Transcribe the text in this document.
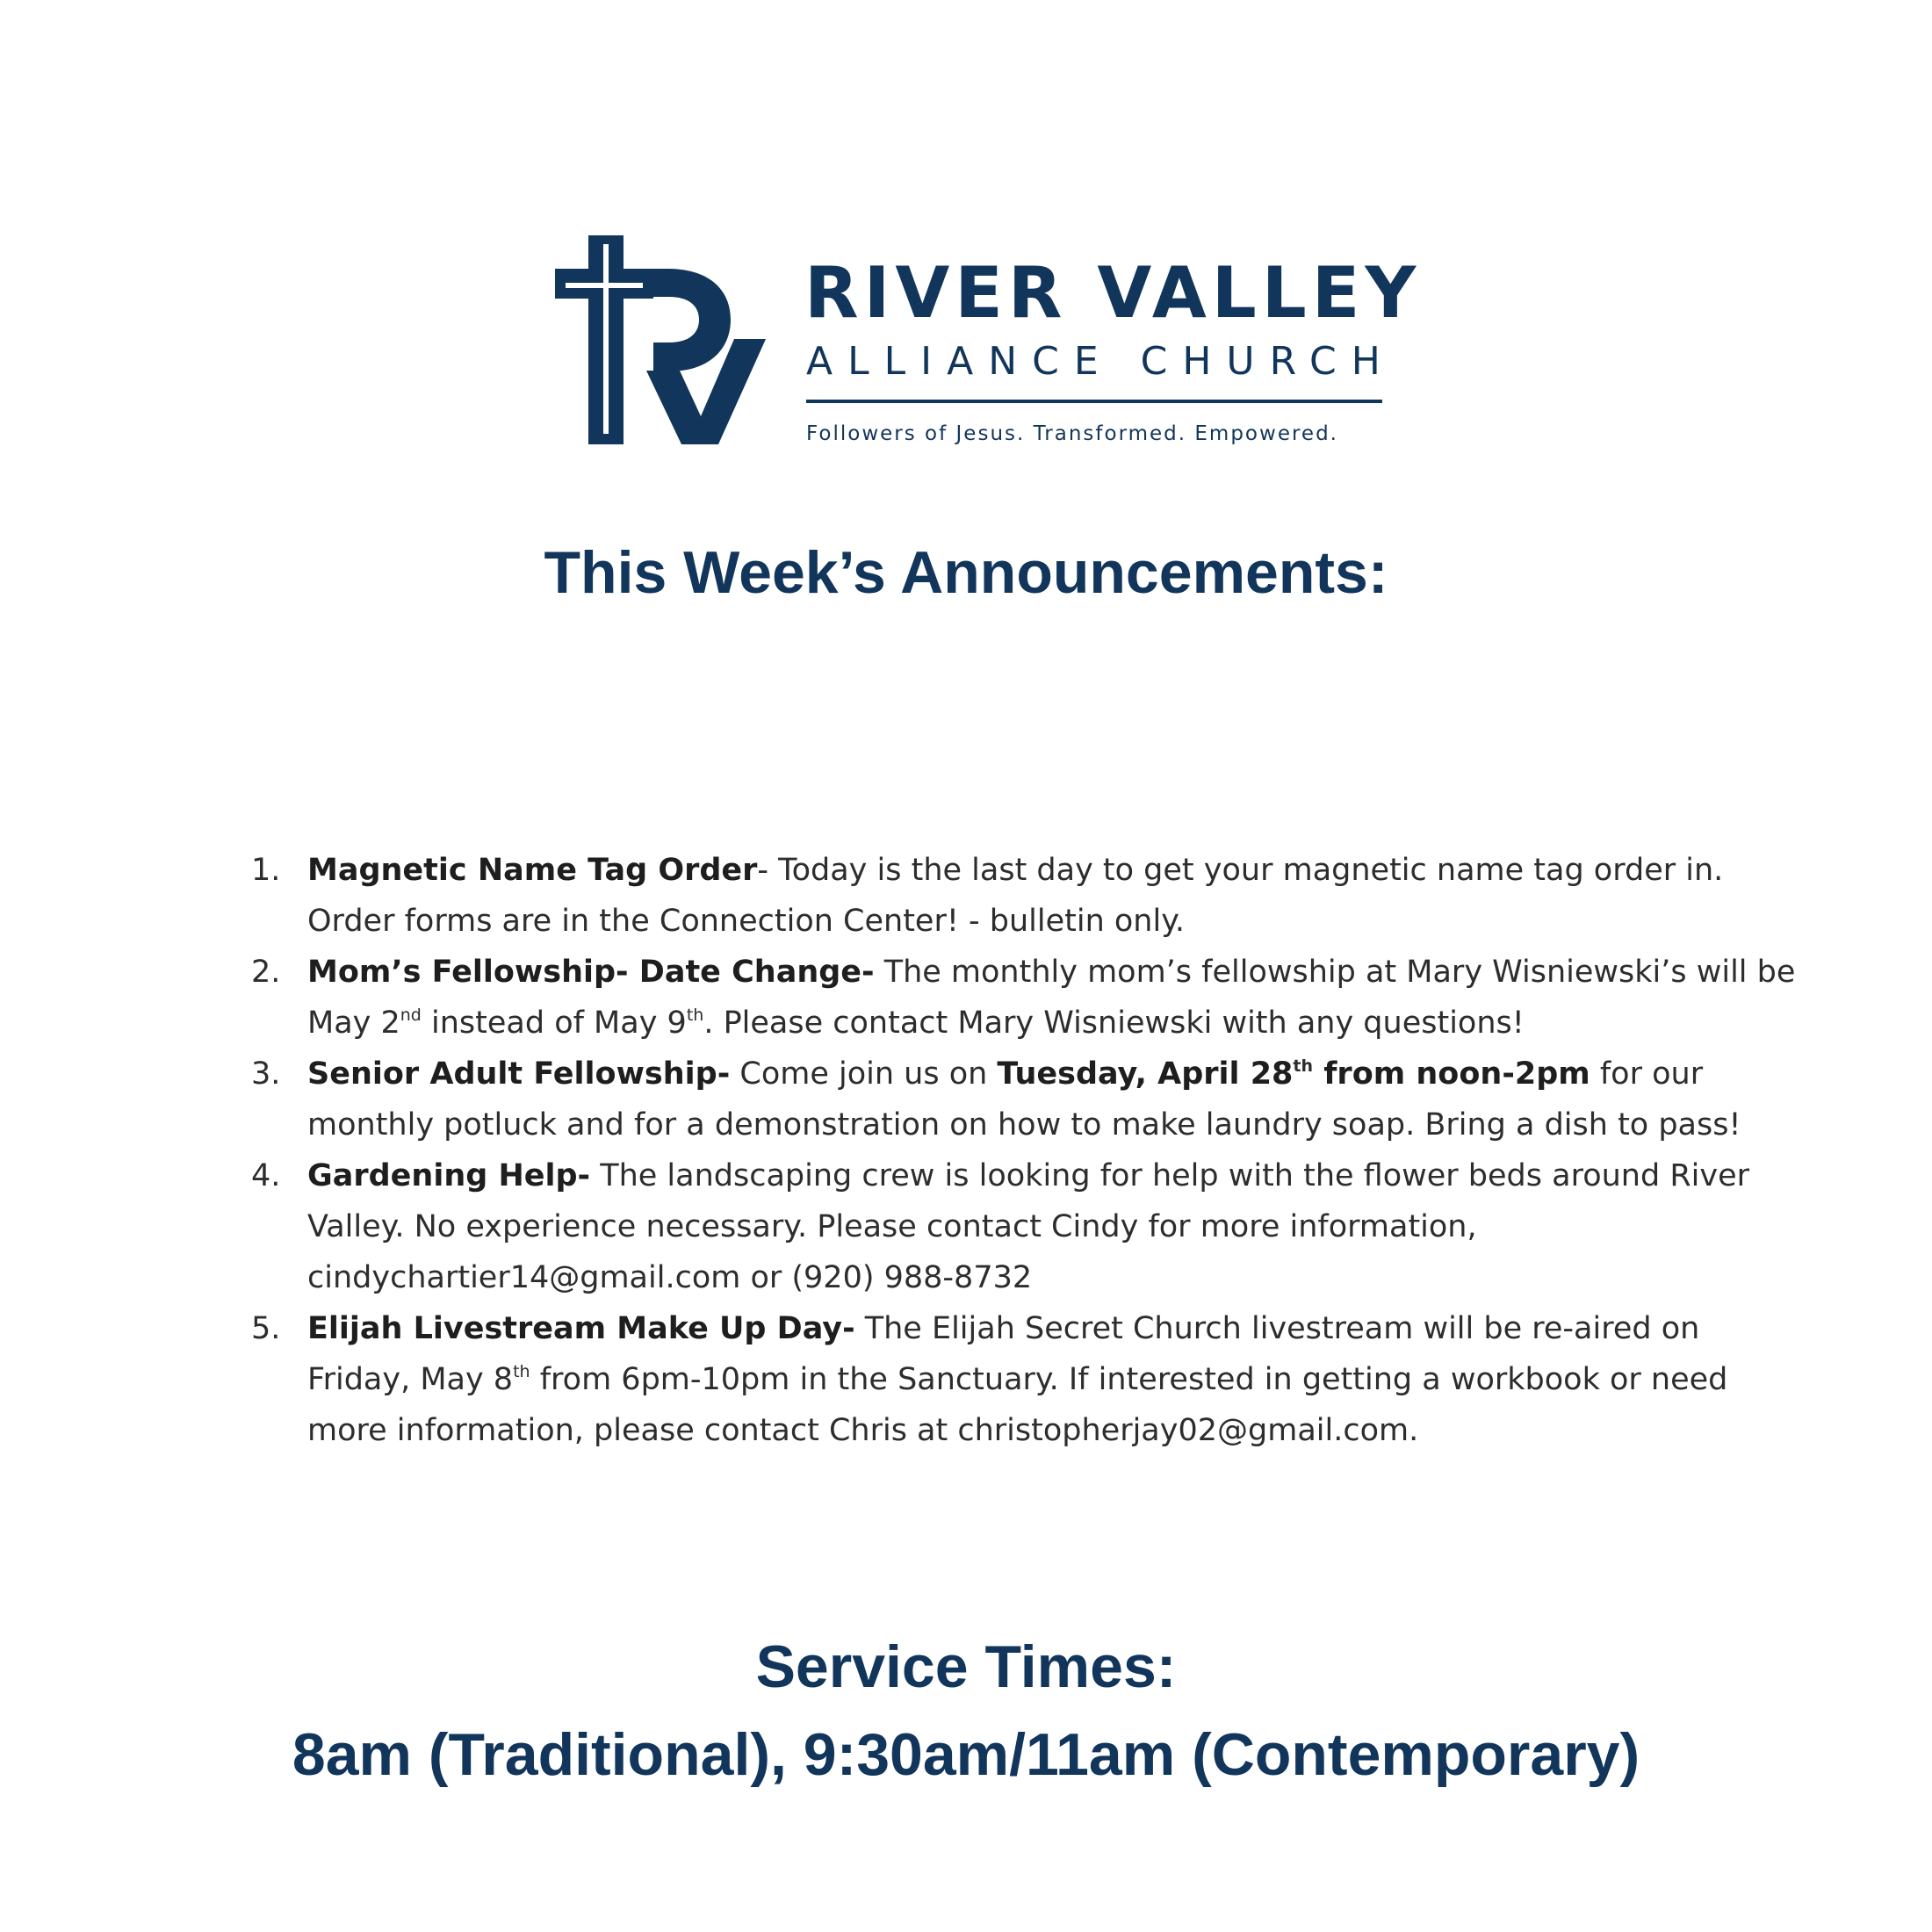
RIVER VALLEY
ALLIANCE CHURCH
Followers of Jesus. Transformed. Empowered.
This Week’s Announcements:
1. Magnetic Name Tag Order- Today is the last day to get your magnetic name tag order in. Order forms are in the Connection Center! - bulletin only.
2. Mom’s Fellowship- Date Change- The monthly mom’s fellowship at Mary Wisniewski’s will be May 2nd instead of May 9th. Please contact Mary Wisniewski with any questions!
3. Senior Adult Fellowship- Come join us on Tuesday, April 28th from noon-2pm for our monthly potluck and for a demonstration on how to make laundry soap. Bring a dish to pass!
4. Gardening Help- The landscaping crew is looking for help with the flower beds around River Valley. No experience necessary. Please contact Cindy for more information, cindychartier14@gmail.com or (920) 988-8732
5. Elijah Livestream Make Up Day- The Elijah Secret Church livestream will be re-aired on Friday, May 8th from 6pm-10pm in the Sanctuary. If interested in getting a workbook or need more information, please contact Chris at christopherjay02@gmail.com.
Service Times:
8am (Traditional), 9:30am/11am (Contemporary)
